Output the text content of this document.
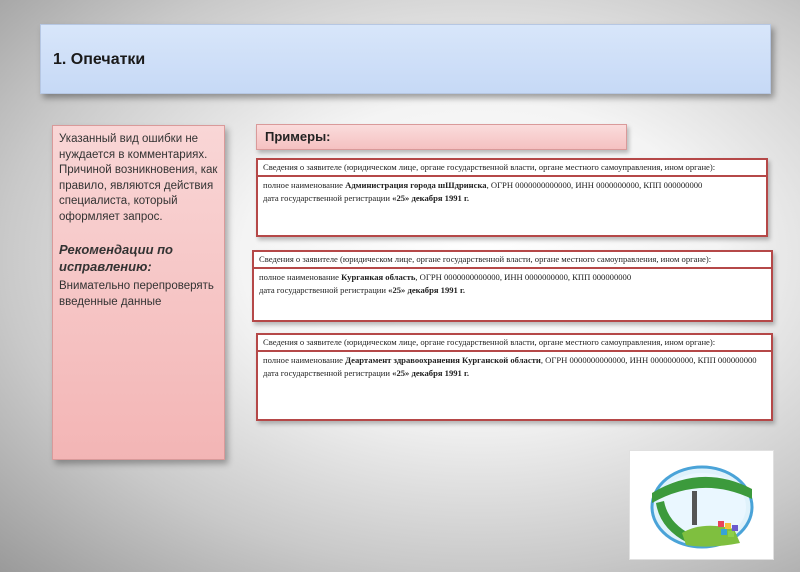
1. Опечатки

Указанный вид ошибки не нуждается в комментариях. Причиной возникновения, как правило, являются действия специалиста, который оформляет запрос.

Рекомендации по исправлению:

Внимательно перепроверять введенные данные

Примеры:
Сведения о заявителе (юридическом лице, органе государственной власти, органе местного самоуправления, ином органе):
полное наименование Администрация города шШдринска, ОГРН 0000000000000, ИНН 0000000000, КПП 000000000
дата государственной регистрации «25» декабря 1991 г.
Сведения о заявителе (юридическом лице, органе государственной власти, органе местного самоуправления, ином органе):
полное наименование Курганкая область, ОГРН 0000000000000, ИНН 0000000000, КПП 000000000
дата государственной регистрации «25» декабря 1991 г.
Сведения о заявителе (юридическом лице, органе государственной власти, органе местного самоуправления, ином органе):
полное наименование Деартамент здравоохранения Курганской области, ОГРН 0000000000000, ИНН 0000000000, КПП 000000000
дата государственной регистрации «25» декабря 1991 г.
